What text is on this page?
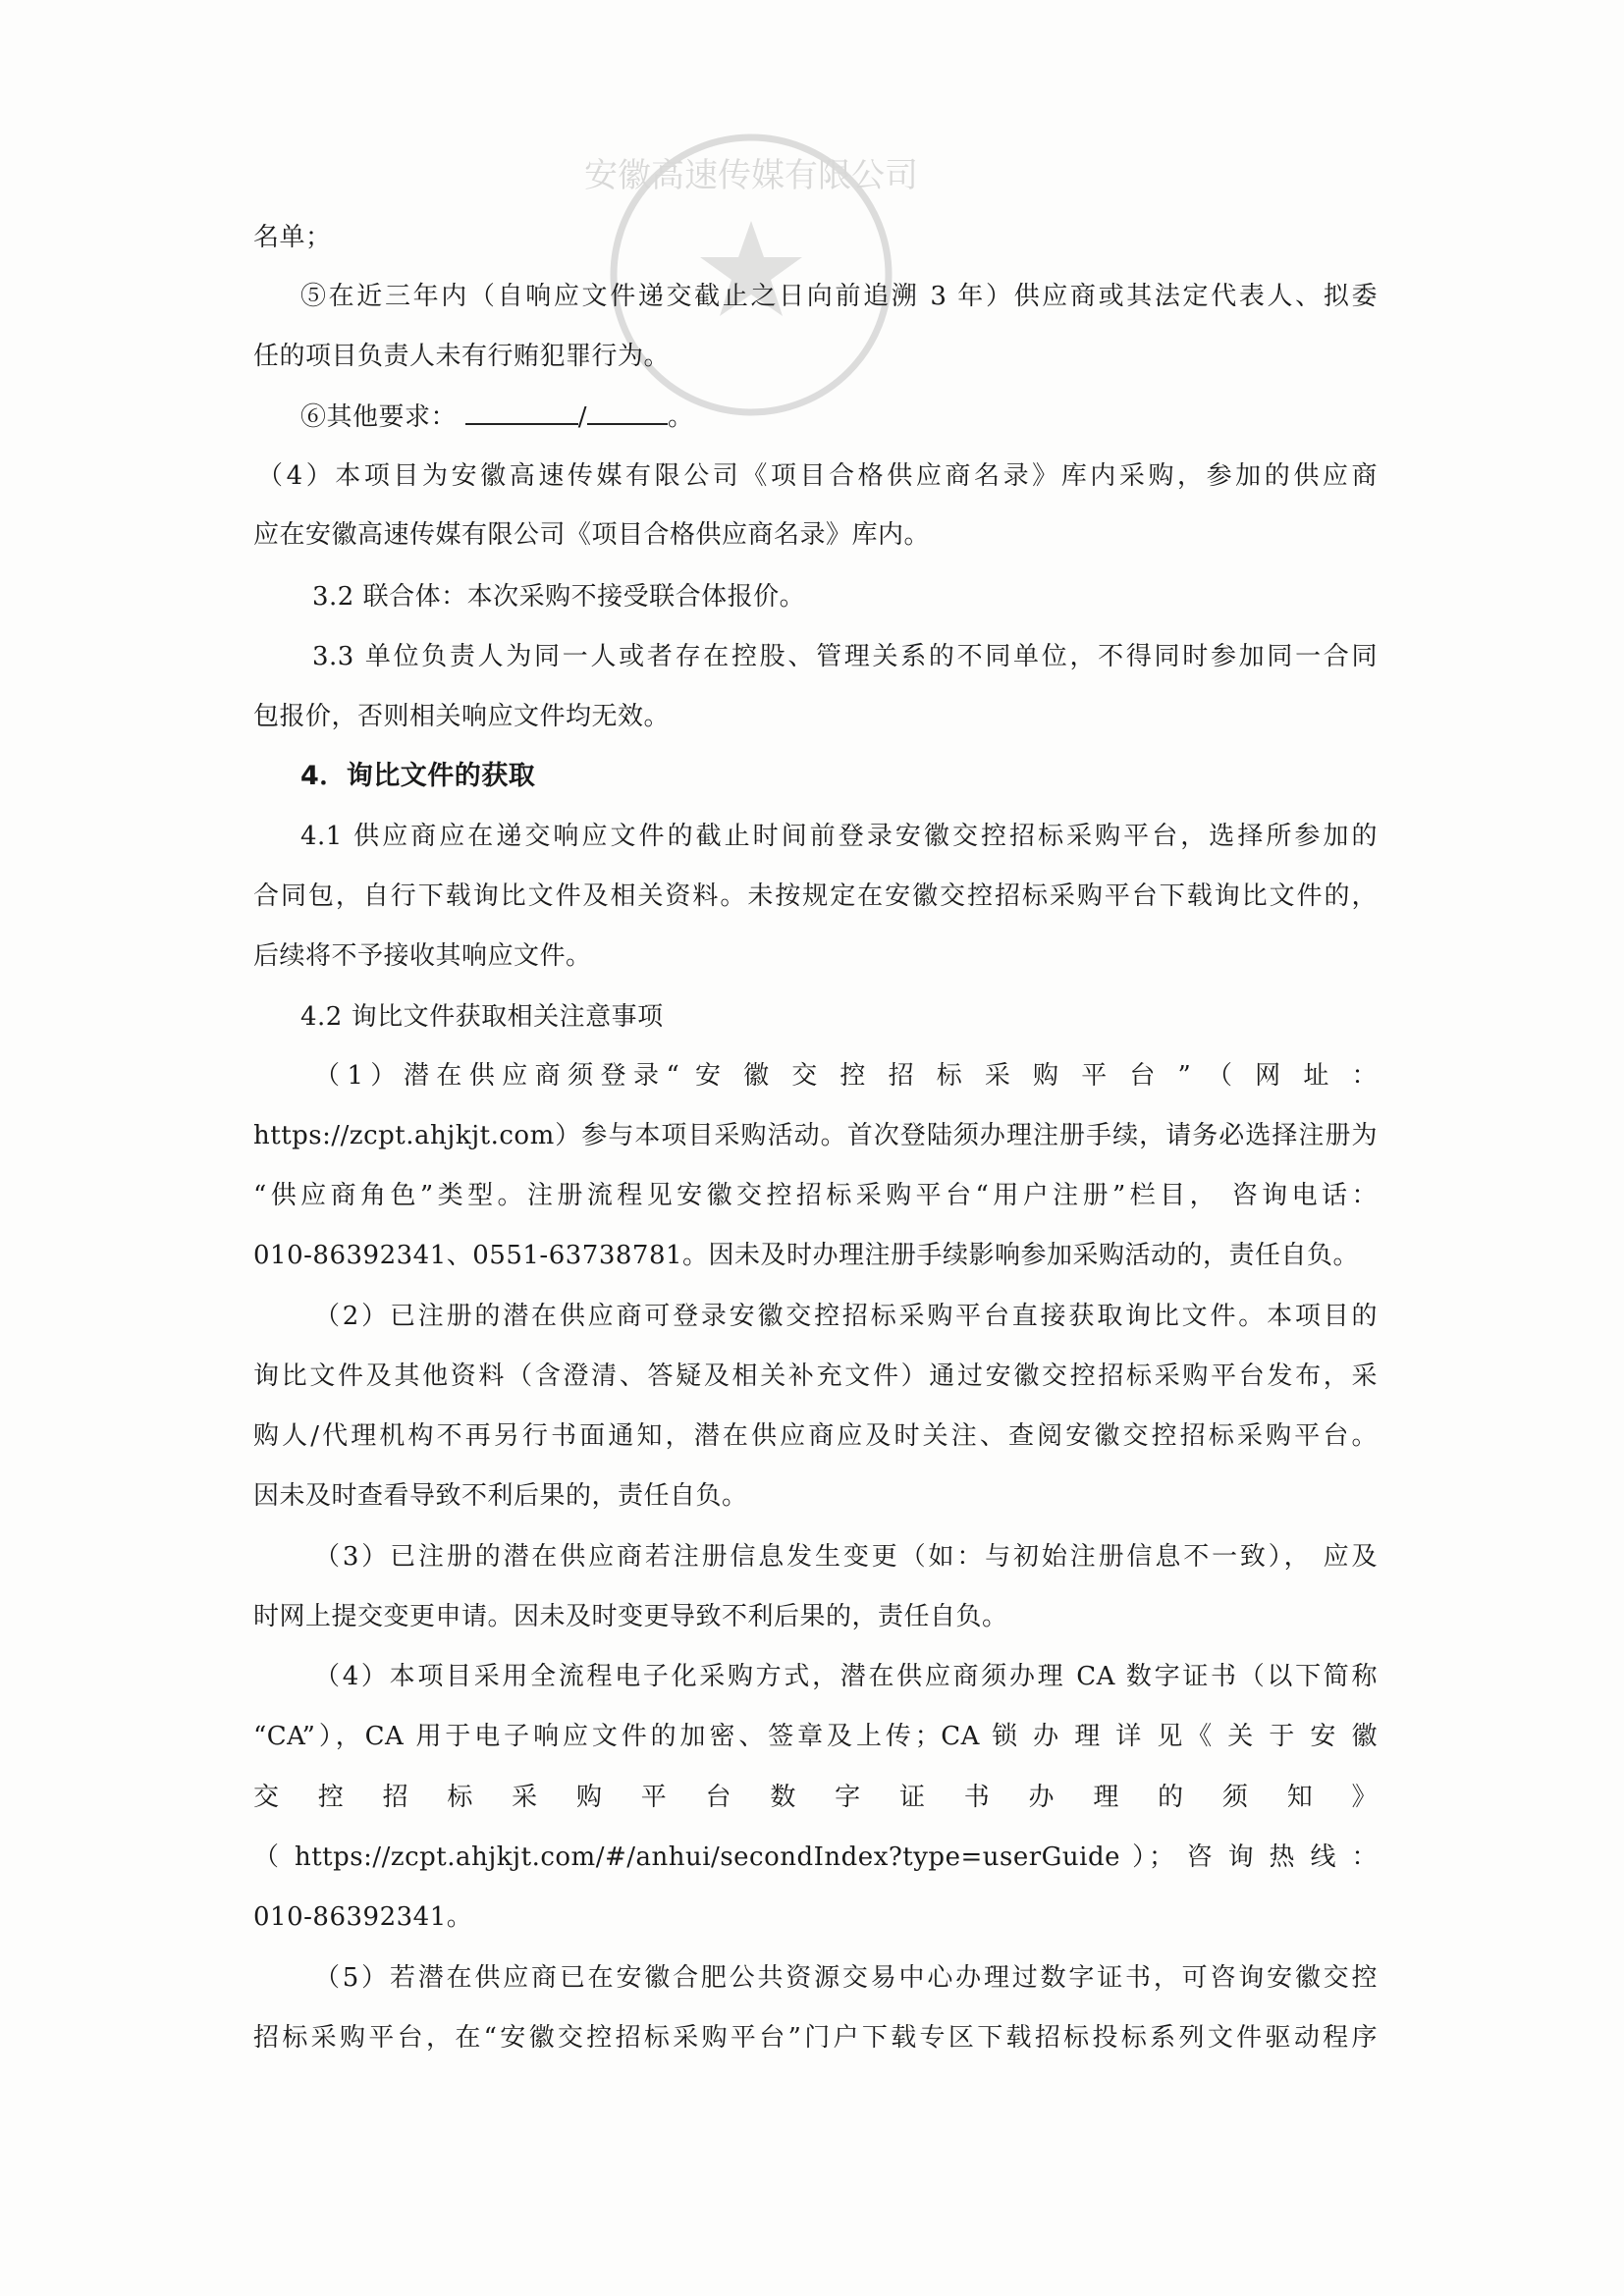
安徽高速传媒有限公司
名单；
⑤在近三年内（自响应文件递交截止之日向前追溯 3 年）供应商或其法定代表人、拟委
任的项目负责人未有行贿犯罪行为。
⑥其他要求：	/	。
（4）本项目为安徽高速传媒有限公司《项目合格供应商名录》库内采购，参加的供应商
应在安徽高速传媒有限公司《项目合格供应商名录》库内。
3.2 联合体：本次采购不接受联合体报价。
3.3 单位负责人为同一人或者存在控股、管理关系的不同单位，不得同时参加同一合同
包报价，否则相关响应文件均无效。
4．询比文件的获取
4.1 供应商应在递交响应文件的截止时间前登录安徽交控招标采购平台，选择所参加的
合同包，自行下载询比文件及相关资料。未按规定在安徽交控招标采购平台下载询比文件的，
后续将不予接收其响应文件。
4.2 询比文件获取相关注意事项
（1）潜在供应商须登录“ 安 徽 交 控 招 标 采 购 平 台 ” （ 网 址 ：
https://zcpt.ahjkjt.com）参与本项目采购活动。首次登陆须办理注册手续，请务必选择注册为
“供应商角色”类型。注册流程见安徽交控招标采购平台“用户注册”栏目， 咨询电话：
010-86392341、0551-63738781。因未及时办理注册手续影响参加采购活动的，责任自负。
（2）已注册的潜在供应商可登录安徽交控招标采购平台直接获取询比文件。本项目的
询比文件及其他资料（含澄清、答疑及相关补充文件）通过安徽交控招标采购平台发布，采
购人/代理机构不再另行书面通知，潜在供应商应及时关注、查阅安徽交控招标采购平台。
因未及时查看导致不利后果的，责任自负。
（3）已注册的潜在供应商若注册信息发生变更（如：与初始注册信息不一致）， 应及
时网上提交变更申请。因未及时变更导致不利后果的，责任自负。
（4）本项目采用全流程电子化采购方式，潜在供应商须办理 CA 数字证书（以下简称
“CA”），CA 用于电子响应文件的加密、签章及上传；CA 锁 办 理 详 见《 关 于 安 徽
交 控 招 标 采 购 平 台 数 字 证 书 办 理 的 须 知 》
（ https://zcpt.ahjkjt.com/#/anhui/secondIndex?type=userGuide ）； 咨 询 热 线 ：
010-86392341。
（5）若潜在供应商已在安徽合肥公共资源交易中心办理过数字证书，可咨询安徽交控
招标采购平台，在“安徽交控招标采购平台”门户下载专区下载招标投标系列文件驱动程序
